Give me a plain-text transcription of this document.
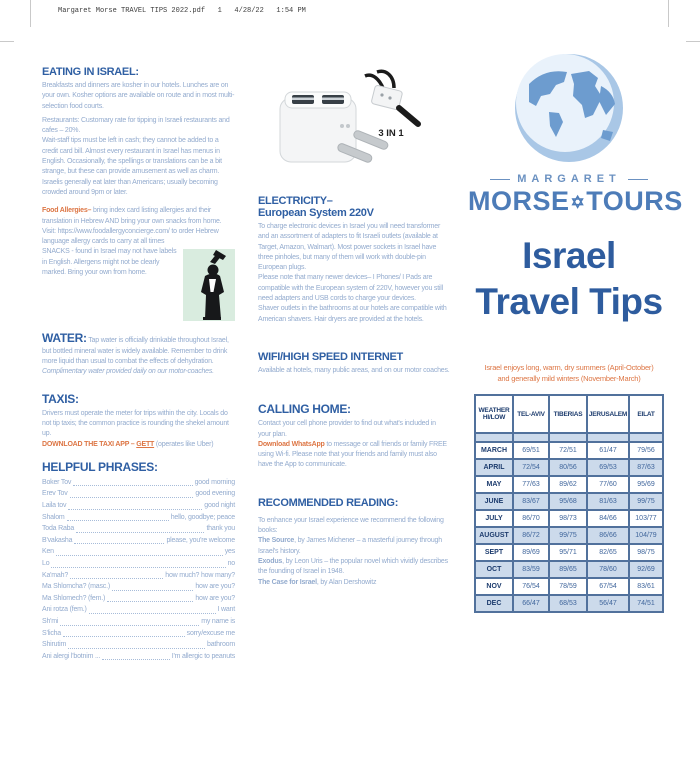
Margaret Morse TRAVEL TIPS 2022.pdf   1   4/28/22   1:54 PM
EATING IN ISRAEL:

Breakfasts and dinners are kosher in our hotels. Lunches are on your own. Kosher options are available on route and in most multi-selection food courts.

Restaurants: Customary rate for tipping in Israeli restaurants and cafes – 20%.

Wait-staff tips must be left in cash; they cannot be added to a credit card bill. Almost every restaurant in Israel has menus in English. Occasionally, the spellings or translations can be a bit strange, but these can provide amusement as well as charm. Israelis generally eat later than Americans; usually becoming crowded around 9pm or later.

Food Allergies– bring index card listing allergies and their translation in Hebrew AND bring your own snacks from home. Visit: https://www.foodallergyconcierge.com/ to order Hebrew language allergy cards to carry at all times

SNACKS - found in Israel may not have labels in English. Allergens might not be clearly marked. Bring your own from home.

WATER: Tap water is officially drinkable throughout Israel, but bottled mineral water is widely available. Remember to drink more liquid than usual to combat the effects of dehydration.

Complimentary water provided daily on our motor-coaches.

TAXIS:

Drivers must operate the meter for trips within the city. Locals do not tip taxis; the common practice is rounding the shekel amount up.

DOWNLOAD THE TAXI APP – GETT (operates like Uber)

HELPFUL PHRASES:
Boker Tov	good morning
Erev Tov	good evening
Laila tov	good night
Shalom	hello, goodbye; peace
Toda Raba	thank you
B'vakasha	please, you're welcome
Ken	yes
Lo	no
Ka'mah?	how much? how many?
Ma Shlomcha? (masc.)	how are you?
Ma Shlomech? (fem.)	how are you?
Ani rotza (fem.)	I want
Sh'mi	my name is
S'licha	sorry/excuse me
Shirutim	bathroom
Ani alergi l'botnim ...	I'm allergic to peanuts
3 IN 1
ELECTRICITY–
European System 220V

To charge electronic devices in Israel you will need transformer and an assortment of adapters to fit Israeli outlets (available at Target, Amazon, Walmart). Most power sockets in Israel have three pinholes, but many of them will work with double-pin European plugs.

Please note that many newer devices– I Phones/ I Pads are compatible with the European system of 220V, however you still need adapters and USB cords to charge your devices.

Shaver outlets in the bathrooms at our hotels are compatible with American shavers. Hair dryers are provided at the hotels.

WIFI/HIGH SPEED INTERNET

Available at hotels, many public areas, and on our motor coaches.

CALLING HOME:

Contact your cell phone provider to find out what's included in your plan.

Download WhatsApp to message or call friends or family FREE using Wi-fi. Please note that your friends and family must also have the App to communicate.

RECOMMENDED READING:

To enhance your Israel experience we recommend the following books:

The Source, by James Michener – a masterful journey through Israel's history.

Exodus, by Leon Uris – the popular novel which vividly describes the founding of Israel in 1948.

The Case for Israel, by Alan Dershowitz

MARGARET
MORSE✡TOURS
Israel
Travel Tips
Israel enjoys long, warm, dry summers (April-October)
and generally mild winters (November-March)
WEATHER HI/LOW	TEL-AVIV	TIBERIAS	JERUSALEM	EILAT

MARCH	69/51	72/51	61/47	79/56
APRIL	72/54	80/56	69/53	87/63
MAY	77/63	89/62	77/60	95/69
JUNE	83/67	95/68	81/63	99/75
JULY	86/70	98/73	84/66	103/77
AUGUST	86/72	99/75	86/66	104/79
SEPT	89/69	95/71	82/65	98/75
OCT	83/59	89/65	78/60	92/69
NOV	76/54	78/59	67/54	83/61
DEC	66/47	68/53	56/47	74/51
